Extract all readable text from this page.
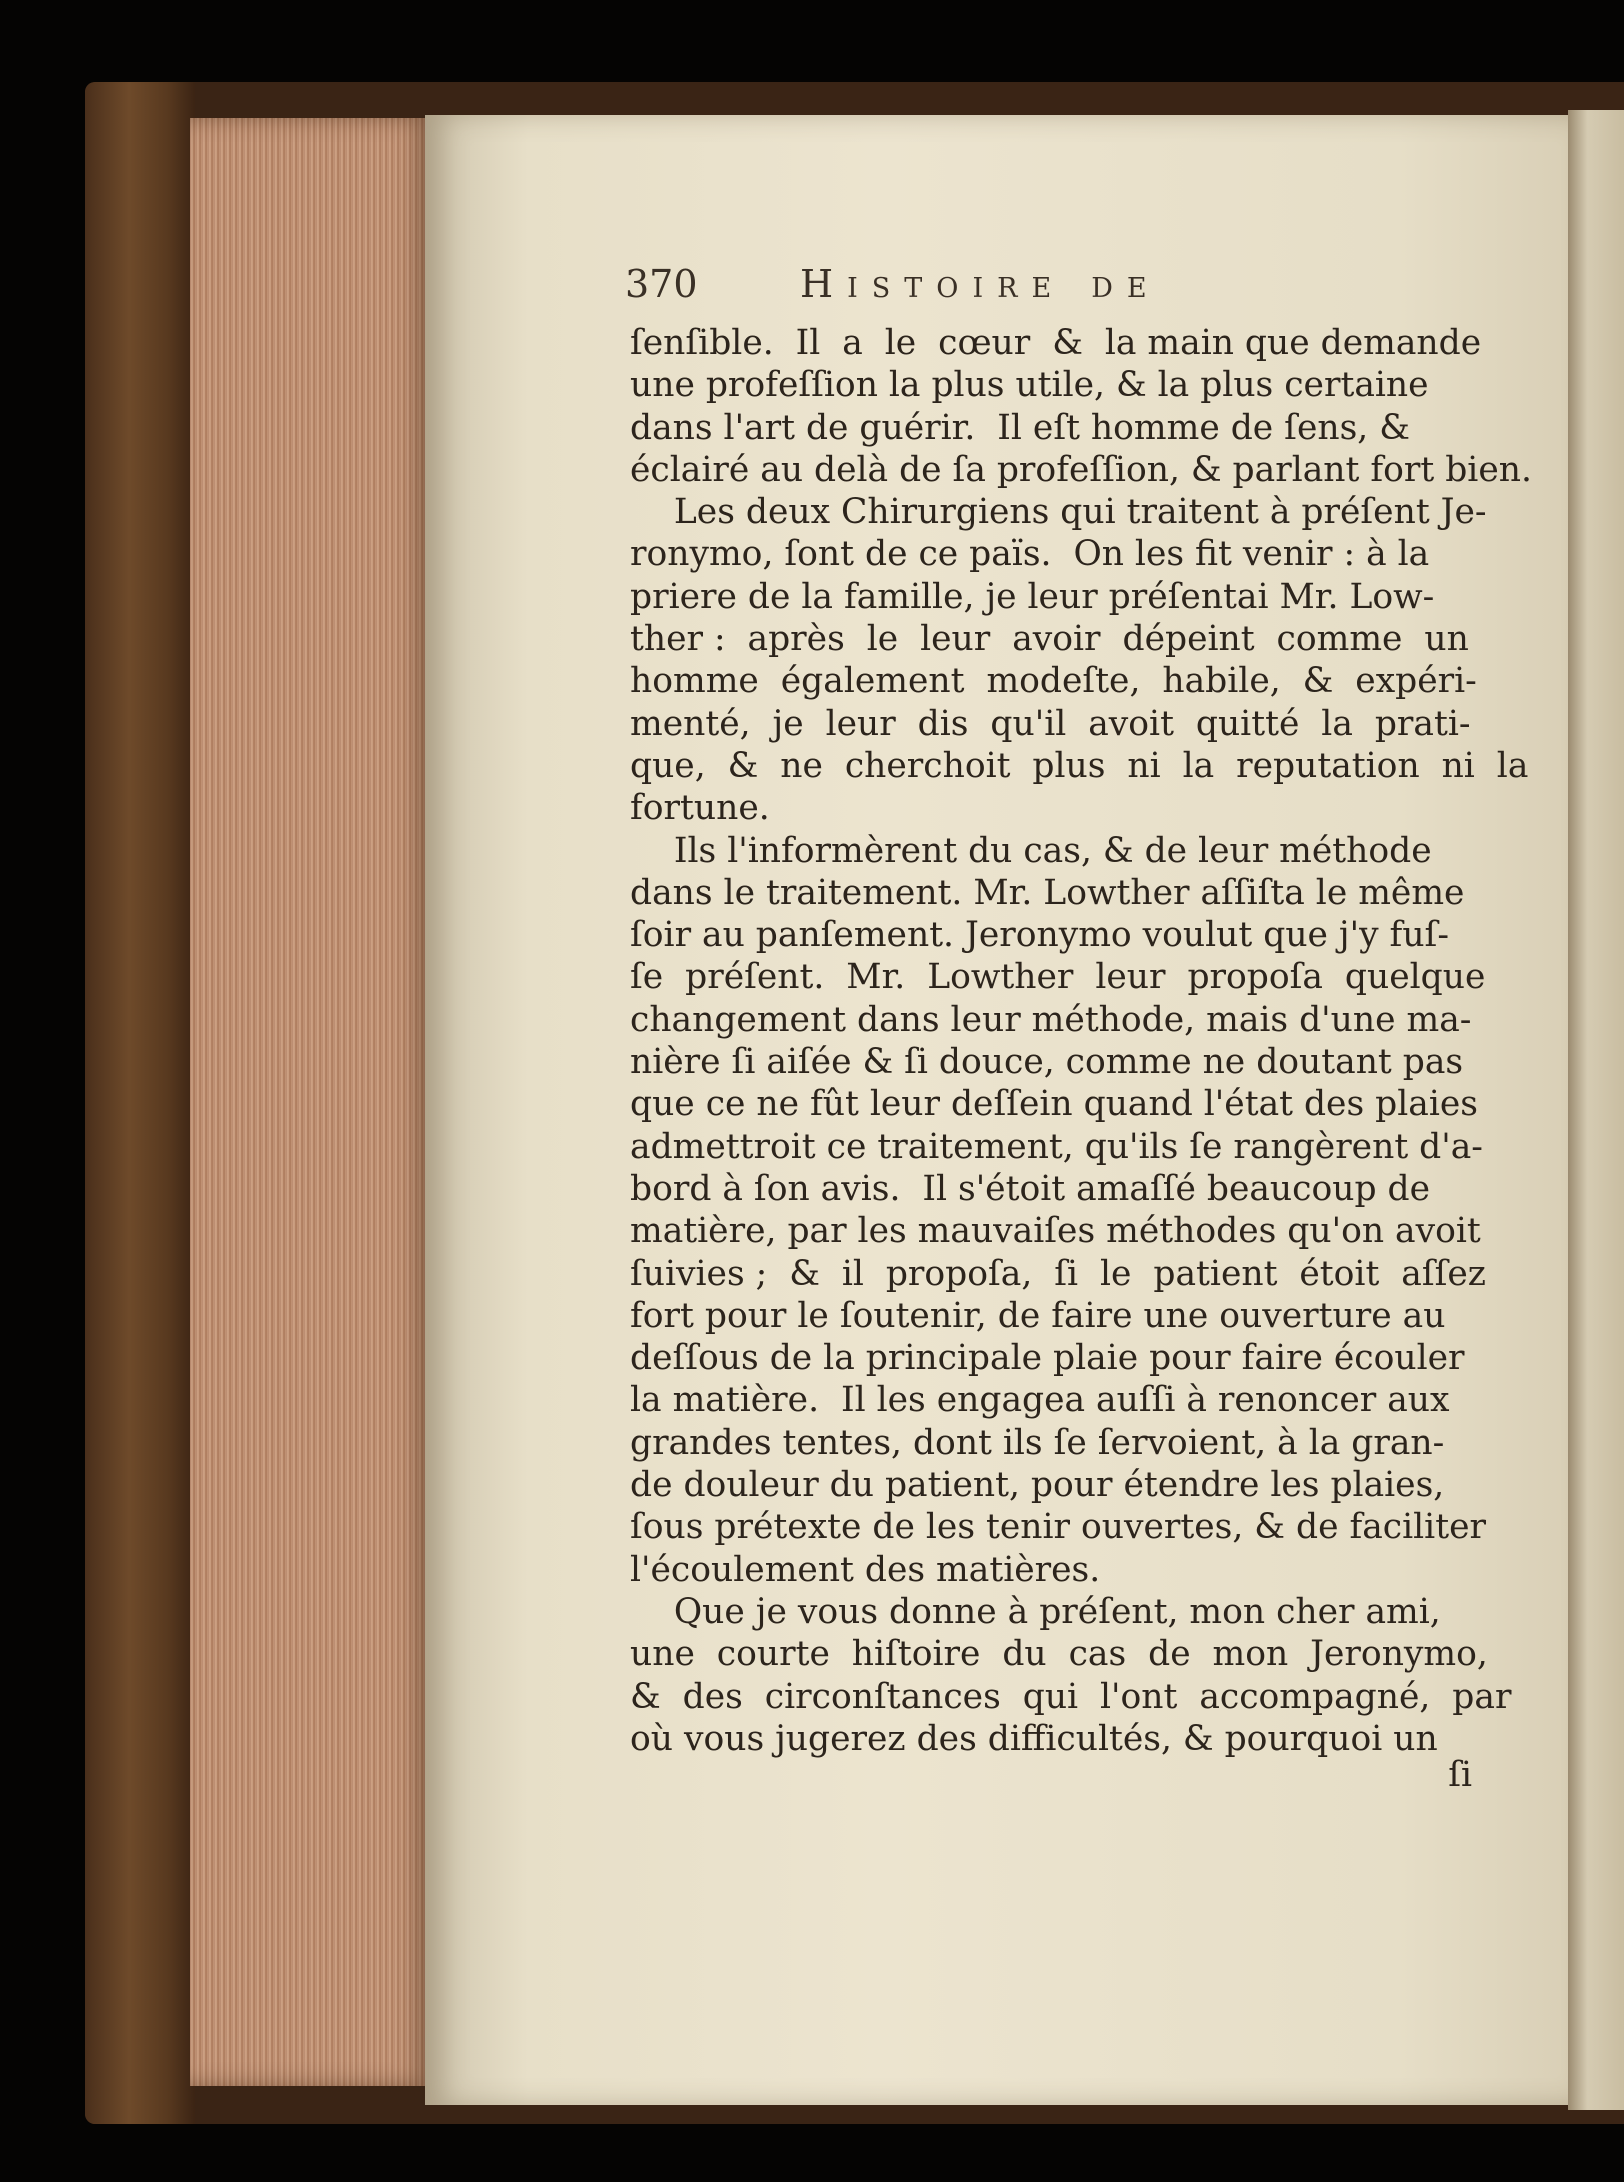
370	Histoire de
ſenſible.  Il  a  le  cœur  &  la main que demande
une profeſſion la plus utile, & la plus certaine
dans l'art de guérir.  Il eſt homme de ſens, &
éclairé au delà de ſa profeſſion, & parlant fort bien.
Les deux Chirurgiens qui traitent à préſent Je-
ronymo, ſont de ce païs.  On les fit venir : à la
priere de la famille, je leur préſentai Mr. Low-
ther :  après  le  leur  avoir  dépeint  comme  un
homme  également  modeſte,  habile,  &  expéri-
menté,  je  leur  dis  qu'il  avoit  quitté  la  prati-
que,  &  ne  cherchoit  plus  ni  la  reputation  ni  la
fortune.
Ils l'informèrent du cas, & de leur méthode
dans le traitement. Mr. Lowther aſſiſta le même
ſoir au panſement. Jeronymo voulut que j'y fuſ-
ſe  préſent.  Mr.  Lowther  leur  propoſa  quelque
changement dans leur méthode, mais d'une ma-
nière ſi aiſée & ſi douce, comme ne doutant pas
que ce ne fût leur deſſein quand l'état des plaies
admettroit ce traitement, qu'ils ſe rangèrent d'a-
bord à ſon avis.  Il s'étoit amaſſé beaucoup de
matière, par les mauvaiſes méthodes qu'on avoit
ſuivies ;  &  il  propoſa,  ſi  le  patient  étoit  aſſez
fort pour le ſoutenir, de faire une ouverture au
deſſous de la principale plaie pour faire écouler
la matière.  Il les engagea auſſi à renoncer aux
grandes tentes, dont ils ſe ſervoient, à la gran-
de douleur du patient, pour étendre les plaies,
ſous prétexte de les tenir ouvertes, & de faciliter
l'écoulement des matières.
Que je vous donne à préſent, mon cher ami,
une  courte  hiſtoire  du  cas  de  mon  Jeronymo,
&  des  circonſtances  qui  l'ont  accompagné,  par
où vous jugerez des difficultés, & pourquoi un
ſi
